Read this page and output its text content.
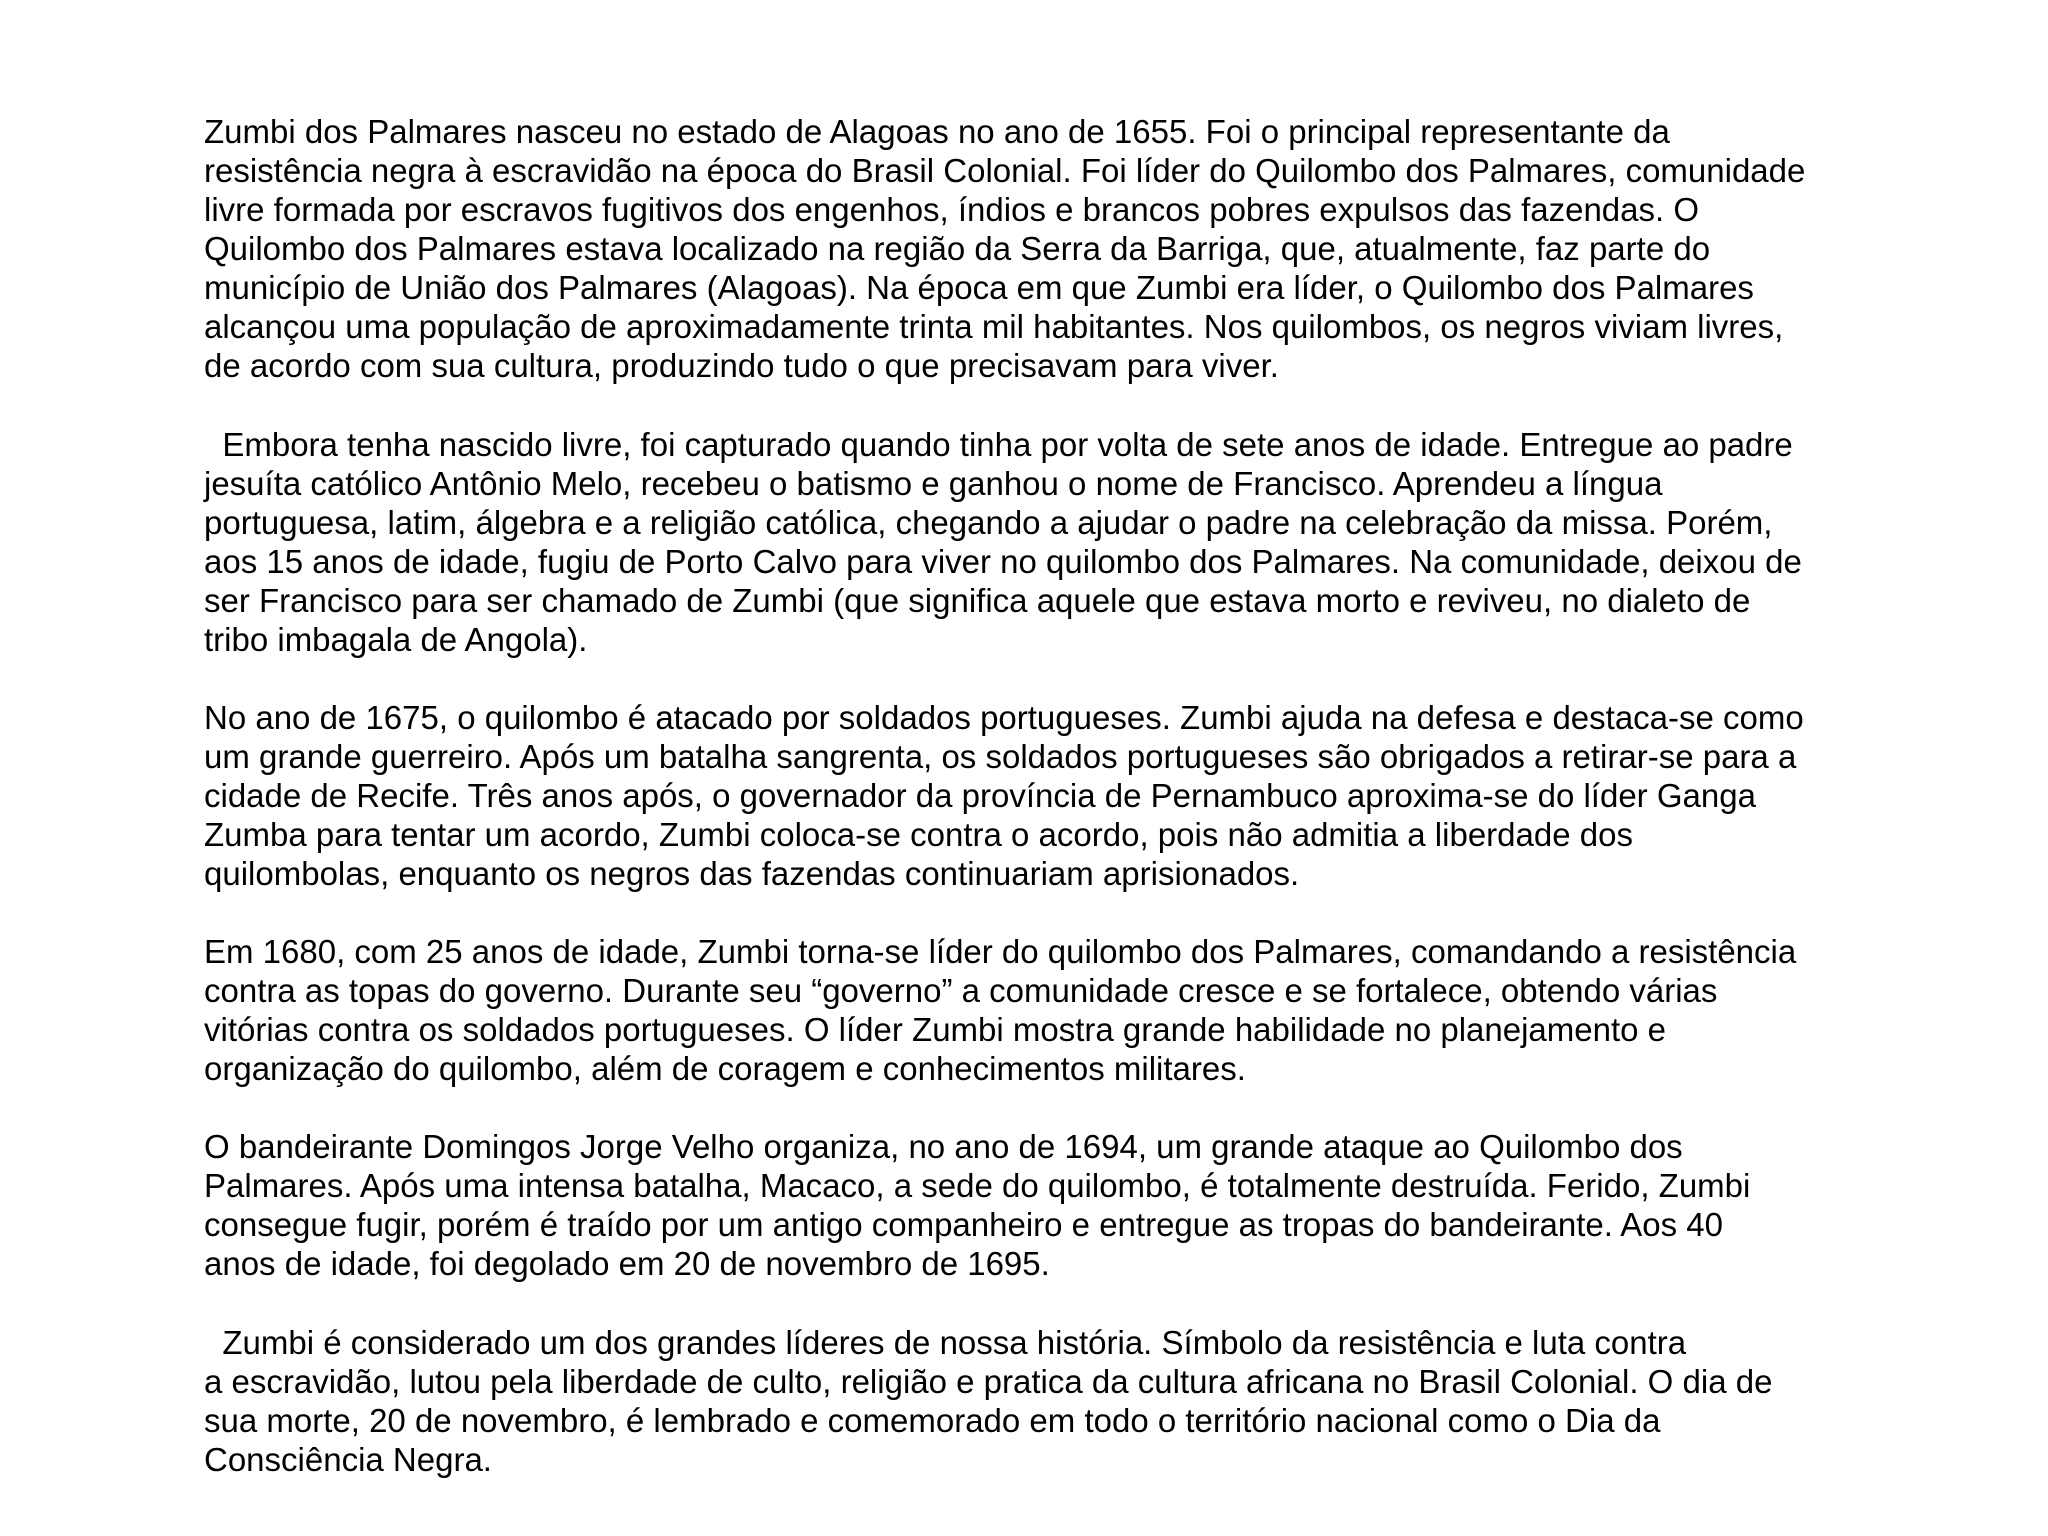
Zumbi dos Palmares nasceu no estado de Alagoas no ano de 1655. Foi o principal representante da
resistência negra à escravidão na época do Brasil Colonial. Foi líder do Quilombo dos Palmares, comunidade
livre formada por escravos fugitivos dos engenhos, índios e brancos pobres expulsos das fazendas. O
Quilombo dos Palmares estava localizado na região da Serra da Barriga, que, atualmente, faz parte do
município de União dos Palmares (Alagoas). Na época em que Zumbi era líder, o Quilombo dos Palmares
alcançou uma população de aproximadamente trinta mil habitantes. Nos quilombos, os negros viviam livres,
de acordo com sua cultura, produzindo tudo o que precisavam para viver.
Embora tenha nascido livre, foi capturado quando tinha por volta de sete anos de idade. Entregue ao padre
jesuíta católico Antônio Melo, recebeu o batismo e ganhou o nome de Francisco. Aprendeu a língua
portuguesa, latim, álgebra e a religião católica, chegando a ajudar o padre na celebração da missa. Porém,
aos 15 anos de idade, fugiu de Porto Calvo para viver no quilombo dos Palmares. Na comunidade, deixou de
ser Francisco para ser chamado de Zumbi (que significa aquele que estava morto e reviveu, no dialeto de
tribo imbagala de Angola).
No ano de 1675, o quilombo é atacado por soldados portugueses. Zumbi ajuda na defesa e destaca-se como
um grande guerreiro. Após um batalha sangrenta, os soldados portugueses são obrigados a retirar-se para a
cidade de Recife. Três anos após, o governador da província de Pernambuco aproxima-se do líder Ganga
Zumba para tentar um acordo, Zumbi coloca-se contra o acordo, pois não admitia a liberdade dos
quilombolas, enquanto os negros das fazendas continuariam aprisionados.
Em 1680, com 25 anos de idade, Zumbi torna-se líder do quilombo dos Palmares, comandando a resistência
contra as topas do governo. Durante seu “governo” a comunidade cresce e se fortalece, obtendo várias
vitórias contra os soldados portugueses. O líder Zumbi mostra grande habilidade no planejamento e
organização do quilombo, além de coragem e conhecimentos militares.
O bandeirante Domingos Jorge Velho organiza, no ano de 1694, um grande ataque ao Quilombo dos
Palmares. Após uma intensa batalha, Macaco, a sede do quilombo, é totalmente destruída. Ferido, Zumbi
consegue fugir, porém é traído por um antigo companheiro e entregue as tropas do bandeirante. Aos 40
anos de idade, foi degolado em 20 de novembro de 1695.
Zumbi é considerado um dos grandes líderes de nossa história. Símbolo da resistência e luta contra
a escravidão, lutou pela liberdade de culto, religião e pratica da cultura africana no Brasil Colonial. O dia de
sua morte, 20 de novembro, é lembrado e comemorado em todo o território nacional como o Dia da
Consciência Negra.
